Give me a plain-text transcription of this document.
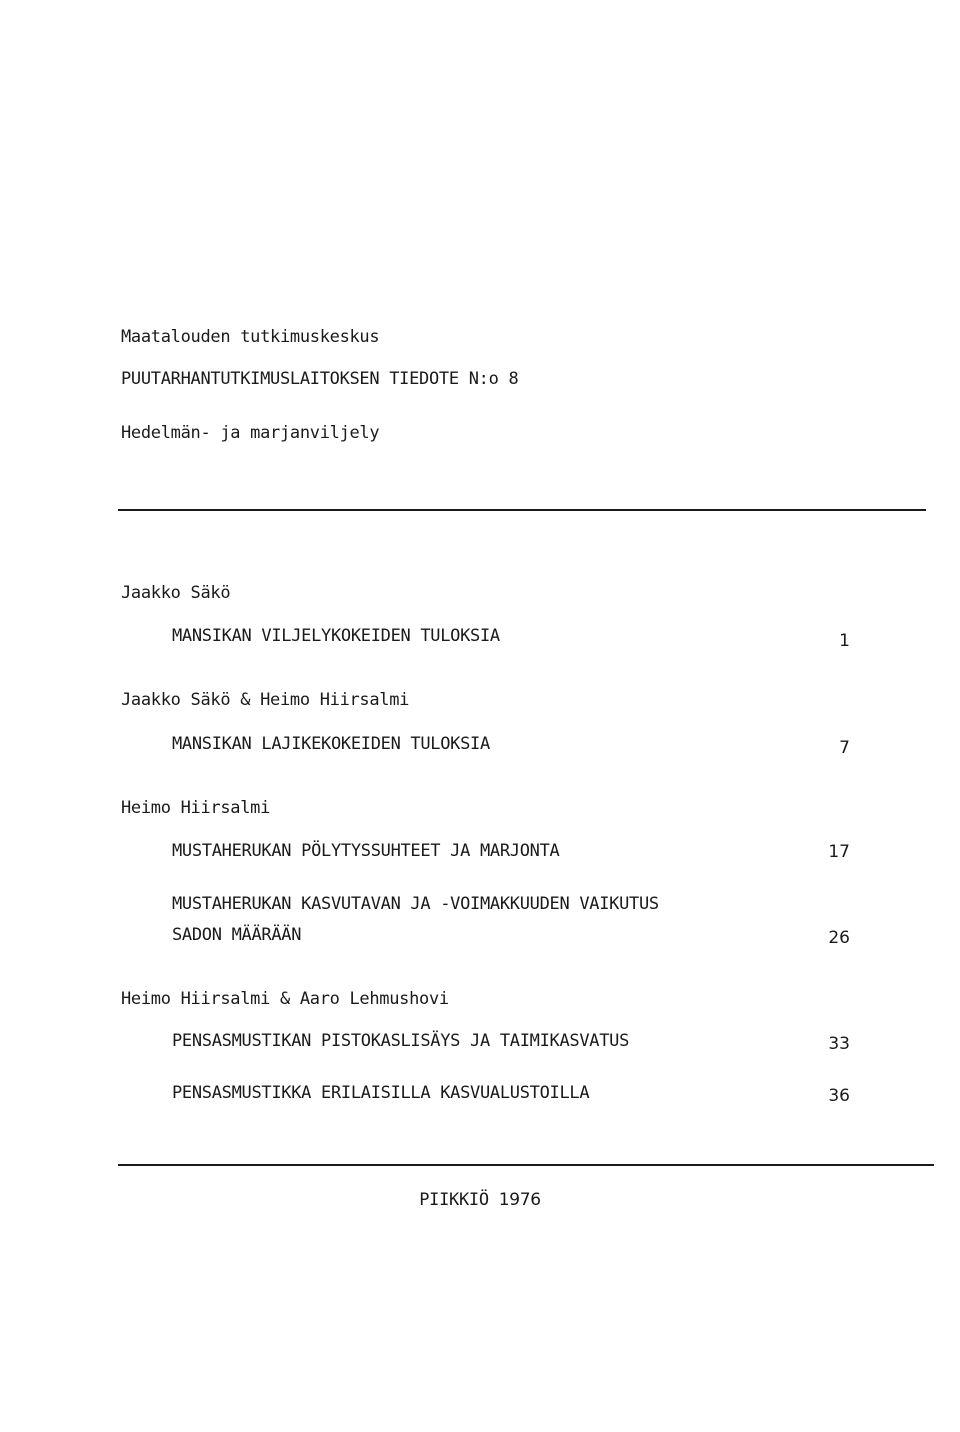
Maatalouden tutkimuskeskus
PUUTARHANTUTKIMUSLAITOKSEN TIEDOTE N:o 8
Hedelmän- ja marjanviljely
Jaakko Säkö
MANSIKAN VILJELYKOKEIDEN TULOKSIA	1
Jaakko Säkö & Heimo Hiirsalmi
MANSIKAN LAJIKEKOKEIDEN TULOKSIA	7
Heimo Hiirsalmi
MUSTAHERUKAN PÖLYTYSSUHTEET JA MARJONTA	17
MUSTAHERUKAN KASVUTAVAN JA -VOIMAKKUUDEN VAIKUTUS
SADON MÄÄRÄÄN	26
Heimo Hiirsalmi & Aaro Lehmushovi
PENSASMUSTIKAN PISTOKASLISÄYS JA TAIMIKASVATUS	33
PENSASMUSTIKKA ERILAISILLA KASVUALUSTOILLA	36
PIIKKIÖ 1976
